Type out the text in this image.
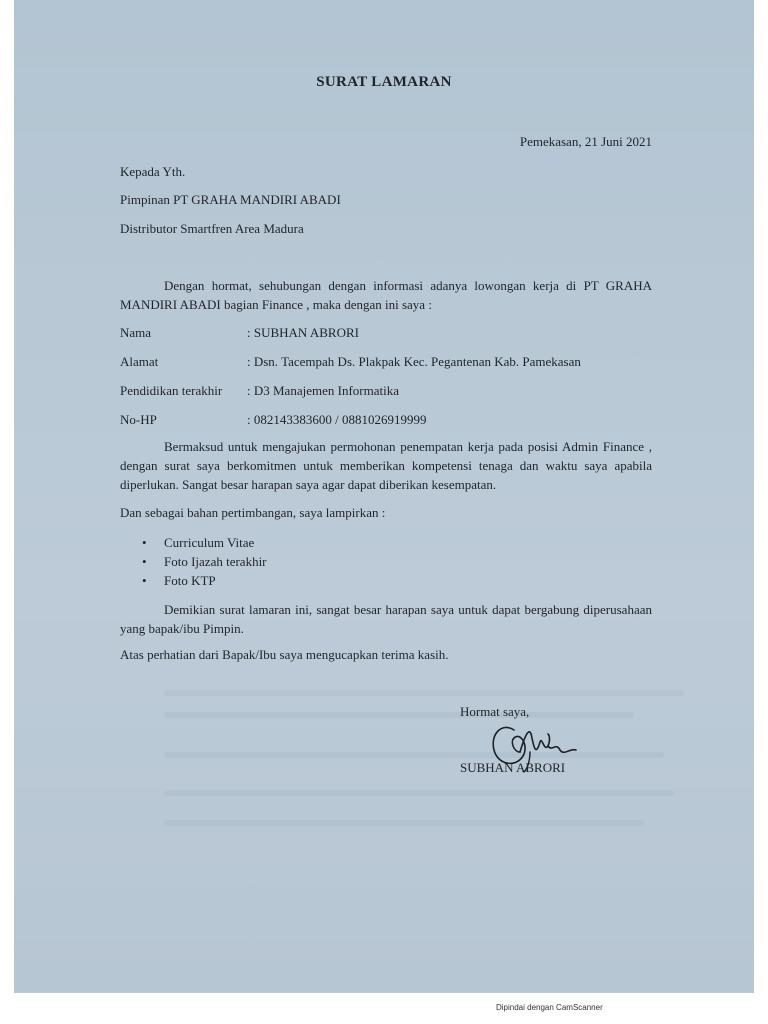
SURAT LAMARAN
Pemekasan, 21 Juni 2021
Kepada Yth.
Pimpinan PT GRAHA MANDIRI ABADI
Distributor Smartfren Area Madura
Dengan hormat, sehubungan dengan informasi adanya lowongan kerja di PT GRAHA MANDIRI ABADI bagian Finance , maka dengan ini saya :
Nama	: SUBHAN ABRORI
Alamat	: Dsn. Tacempah Ds. Plakpak Kec. Pegantenan Kab. Pamekasan
Pendidikan terakhir : D3 Manajemen Informatika
No-HP	: 082143383600 / 0881026919999
Bermaksud untuk mengajukan permohonan penempatan kerja pada posisi Admin Finance , dengan surat saya berkomitmen untuk memberikan kompetensi tenaga dan waktu saya apabila diperlukan. Sangat besar harapan saya agar dapat diberikan kesempatan.
Dan sebagai bahan pertimbangan, saya lampirkan :
• Curriculum Vitae
• Foto Ijazah terakhir
• Foto KTP
Demikian surat lamaran ini, sangat besar harapan saya untuk dapat bergabung diperusahaan yang bapak/ibu Pimpin.
Atas perhatian dari Bapak/Ibu saya mengucapkan terima kasih.
Hormat saya,
SUBHAN ABRORI
Dipindai dengan CamScanner
